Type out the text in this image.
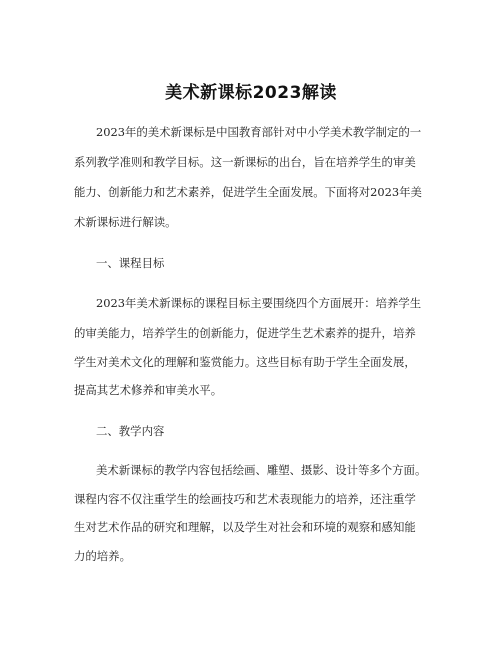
美术新课标2023解读
2023年的美术新课标是中国教育部针对中小学美术教学制定的一
系列教学准则和教学目标。这一新课标的出台，旨在培养学生的审美
能力、创新能力和艺术素养，促进学生全面发展。下面将对2023年美
术新课标进行解读。
一、课程目标
2023年美术新课标的课程目标主要围绕四个方面展开：培养学生
的审美能力，培养学生的创新能力，促进学生艺术素养的提升，培养
学生对美术文化的理解和鉴赏能力。这些目标有助于学生全面发展，
提高其艺术修养和审美水平。
二、教学内容
美术新课标的教学内容包括绘画、雕塑、摄影、设计等多个方面。
课程内容不仅注重学生的绘画技巧和艺术表现能力的培养，还注重学
生对艺术作品的研究和理解，以及学生对社会和环境的观察和感知能
力的培养。
